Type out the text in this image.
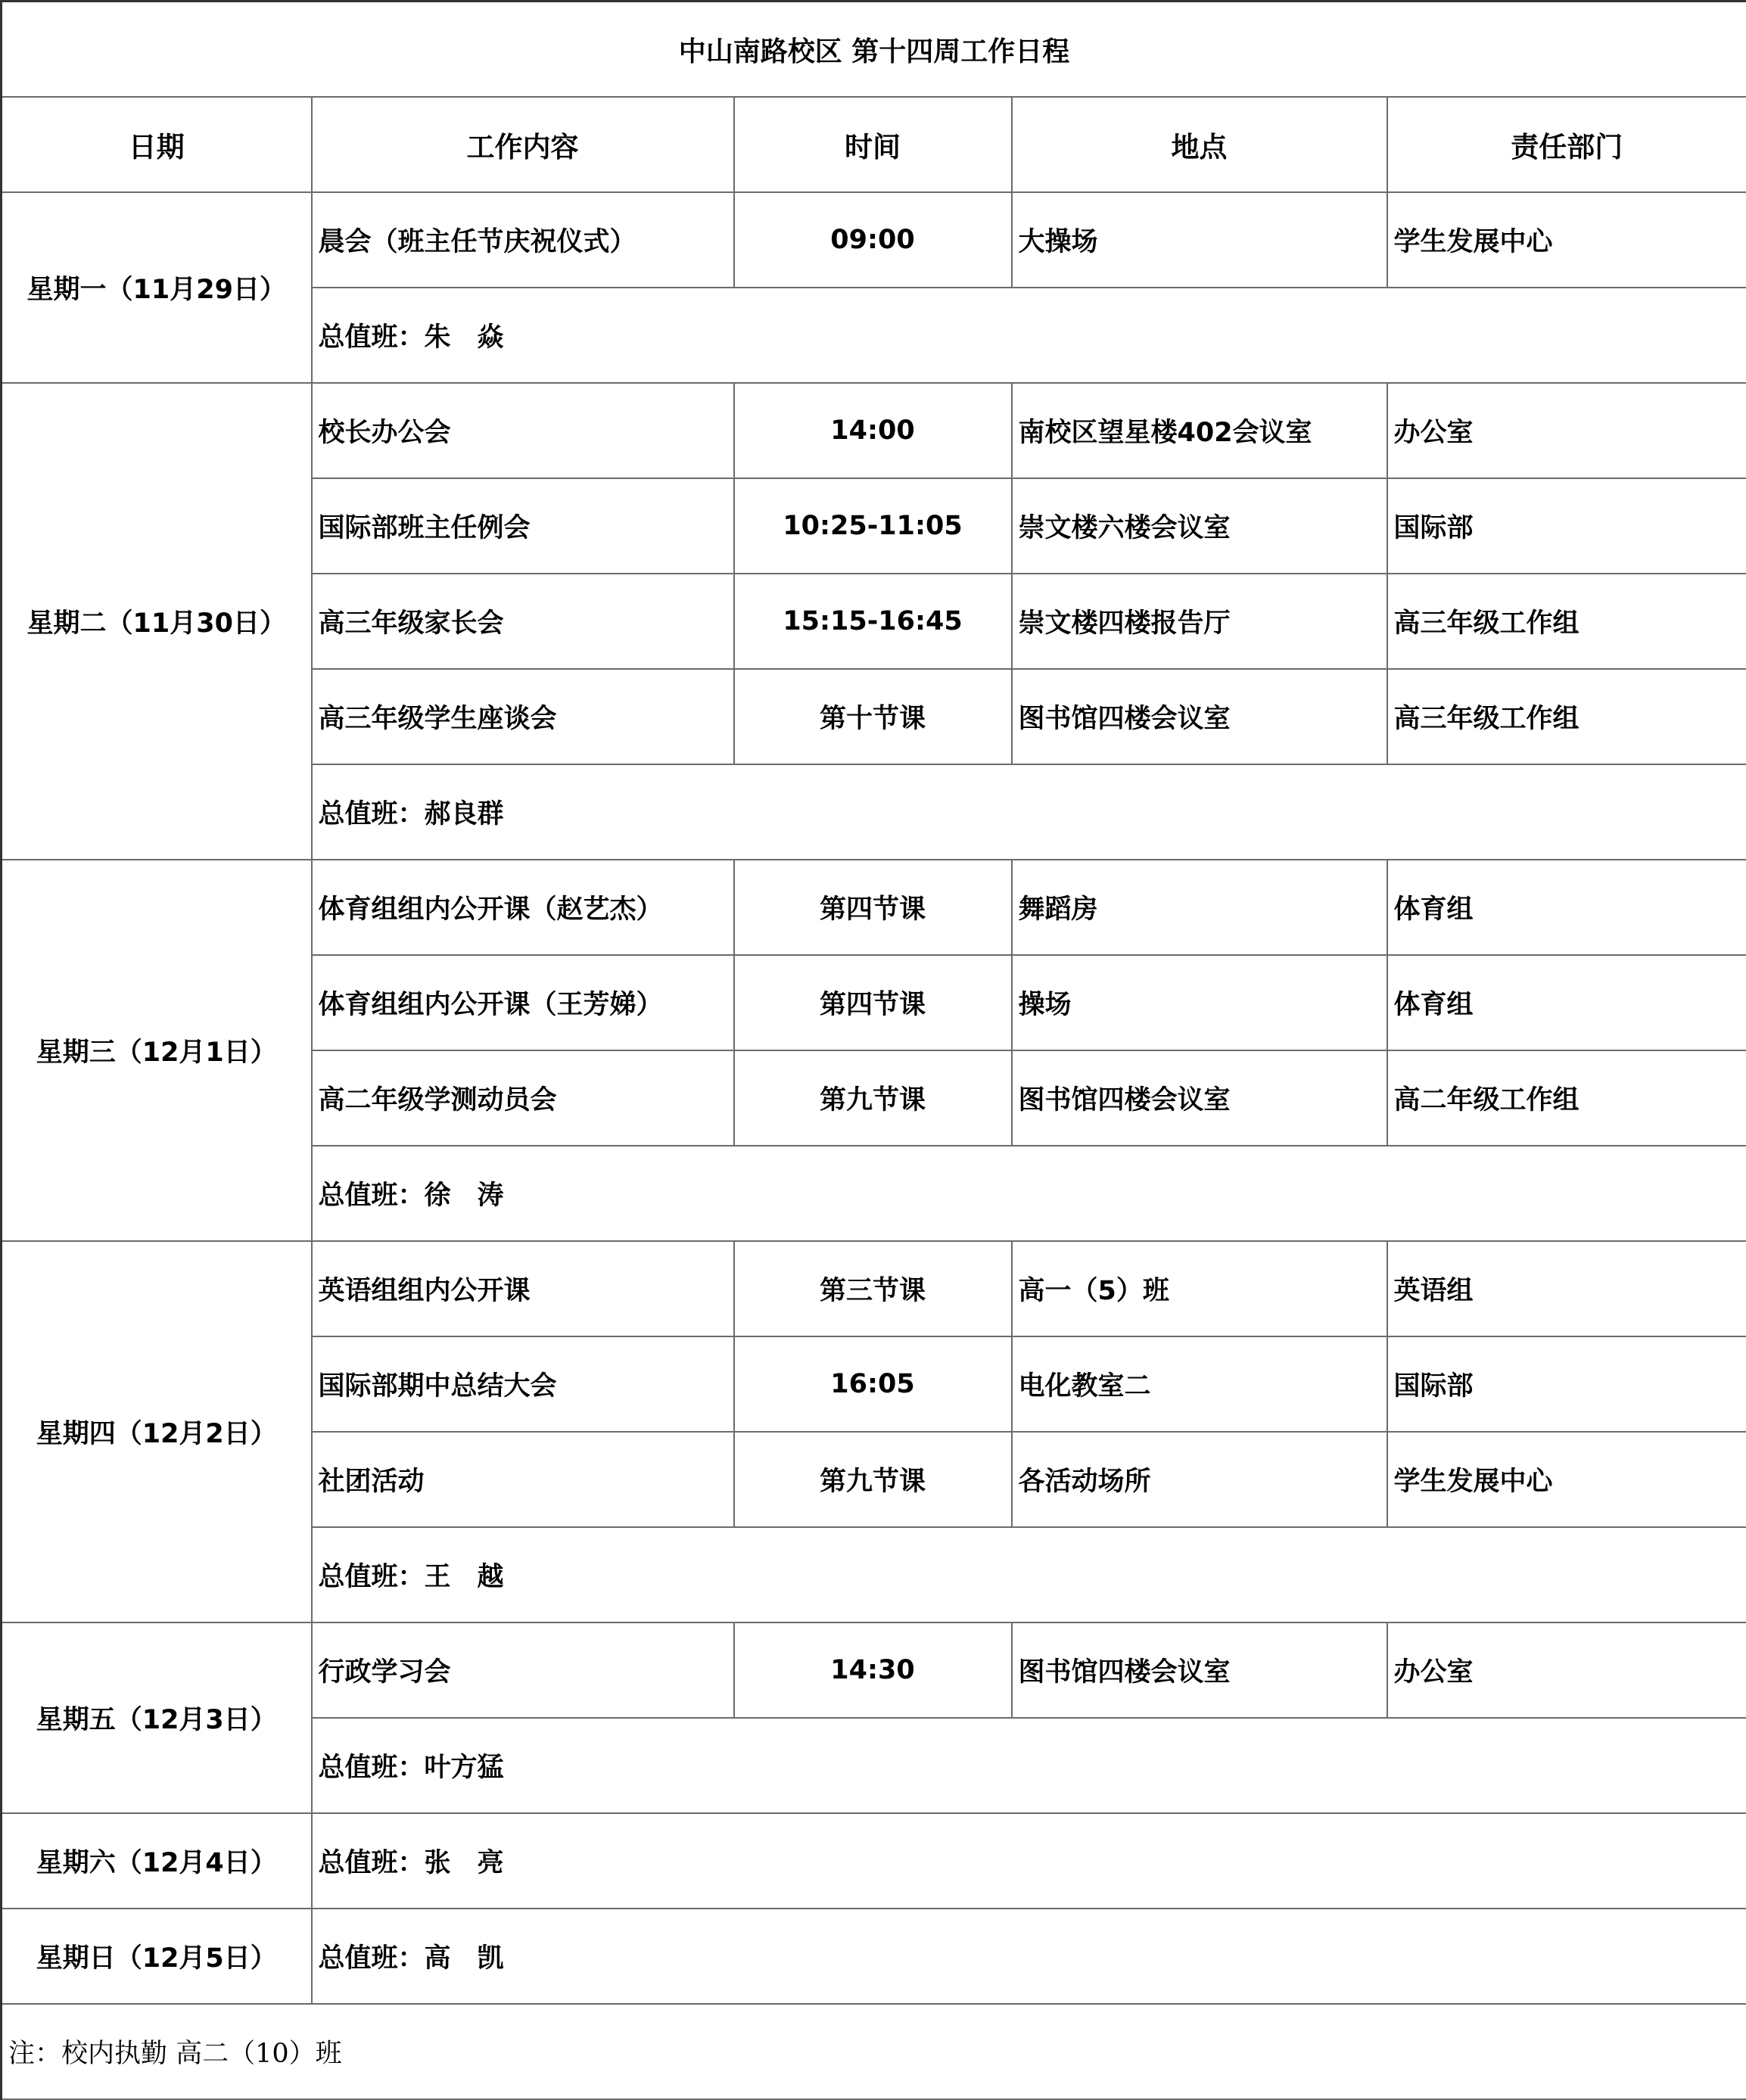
中山南路校区 第十四周工作日程				
日期	工作内容	时间	地点	责任部门
星期一（11月29日）	晨会（班主任节庆祝仪式）	09:00	大操场	学生发展中心
	总值班：朱　焱			
星期二（11月30日）	校长办公会	14:00	南校区望星楼402会议室	办公室
	国际部班主任例会	10:25-11:05	崇文楼六楼会议室	国际部
	高三年级家长会	15:15-16:45	崇文楼四楼报告厅	高三年级工作组
	高三年级学生座谈会	第十节课	图书馆四楼会议室	高三年级工作组
	总值班：郝良群			
星期三（12月1日）	体育组组内公开课（赵艺杰）	第四节课	舞蹈房	体育组
	体育组组内公开课（王芳娣）	第四节课	操场	体育组
	高二年级学测动员会	第九节课	图书馆四楼会议室	高二年级工作组
	总值班：徐　涛			
星期四（12月2日）	英语组组内公开课	第三节课	高一（5）班	英语组
	国际部期中总结大会	16:05	电化教室二	国际部
	社团活动	第九节课	各活动场所	学生发展中心
	总值班：王　越			
星期五（12月3日）	行政学习会	14:30	图书馆四楼会议室	办公室
	总值班：叶方猛			
星期六（12月4日）	总值班：张　亮			
星期日（12月5日）	总值班：高　凯			
注：校内执勤 高二（10）班				
